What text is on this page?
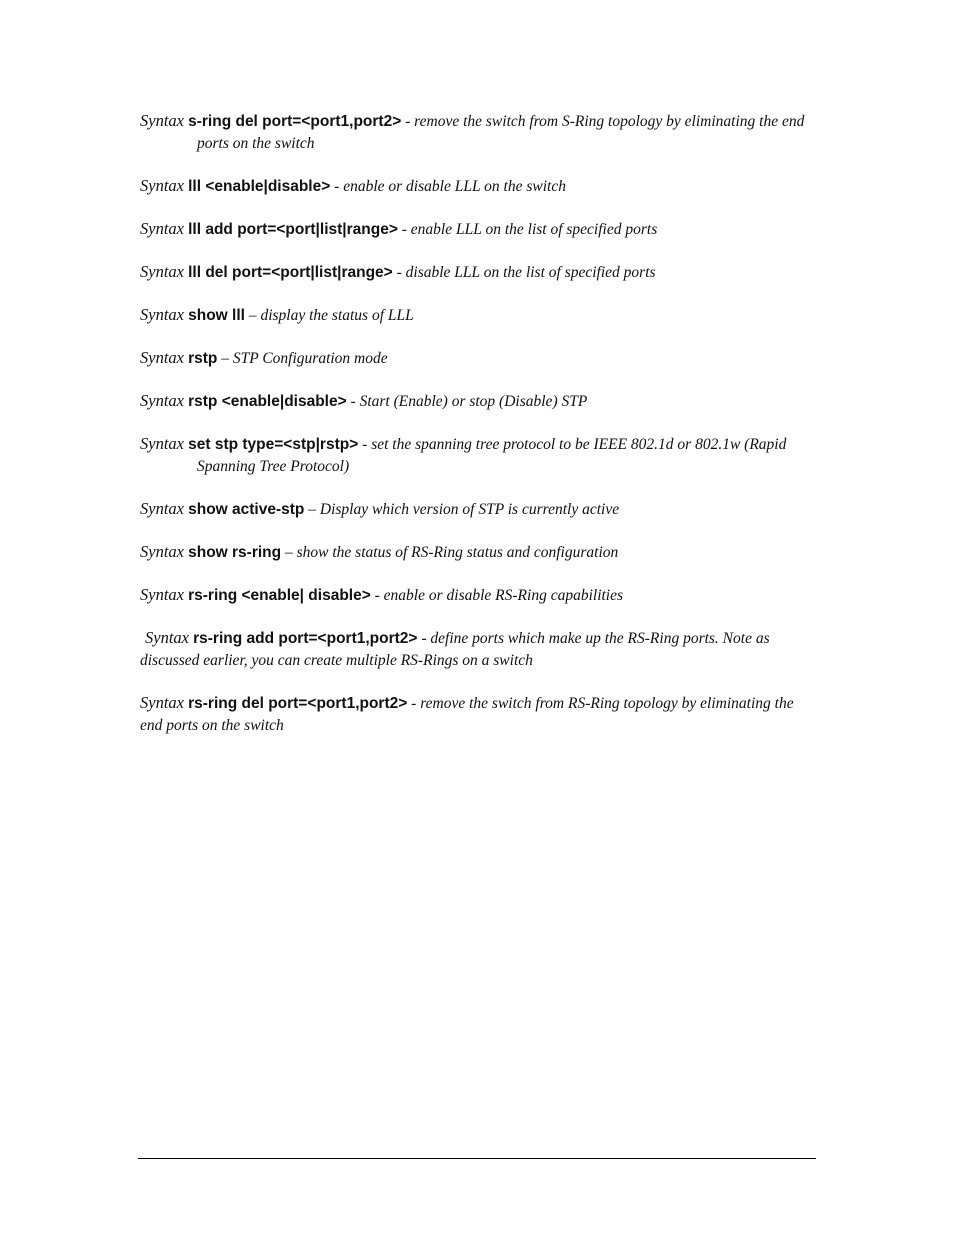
Syntax s-ring del port=<port1,port2> - remove the switch from S-Ring topology by eliminating the end ports on the switch

Syntax lll <enable|disable> - enable or disable LLL on the switch

Syntax lll add port=<port|list|range> - enable LLL on the list of specified ports

Syntax lll del port=<port|list|range> - disable LLL on the list of specified ports

Syntax show lll – display the status of LLL

Syntax rstp – STP Configuration mode

Syntax rstp <enable|disable> - Start (Enable) or stop (Disable) STP

Syntax set stp type=<stp|rstp> - set the spanning tree protocol to be IEEE 802.1d or 802.1w (Rapid Spanning Tree Protocol)

Syntax show active-stp – Display which version of STP is currently active

Syntax show rs-ring – show the status of RS-Ring status and configuration

Syntax rs-ring <enable| disable> - enable or disable RS-Ring capabilities

Syntax rs-ring add port=<port1,port2> - define ports which make up the RS-Ring ports. Note as discussed earlier, you can create multiple RS-Rings on a switch

Syntax rs-ring del port=<port1,port2> - remove the switch from RS-Ring topology by eliminating the end ports on the switch
